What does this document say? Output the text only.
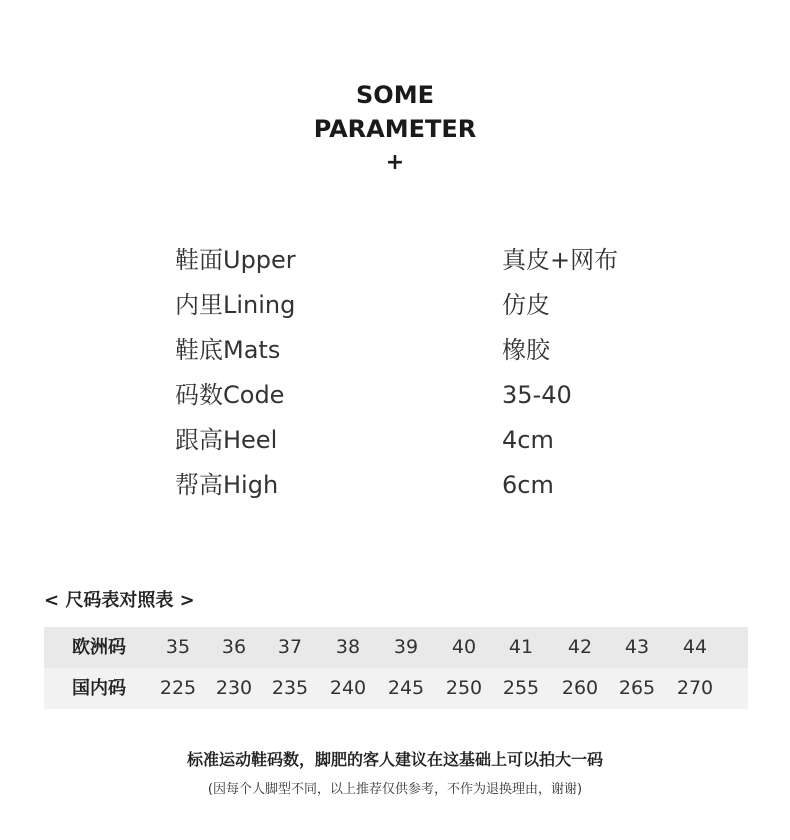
SOME
PARAMETER
+
鞋面Upper	真皮+网布
内里Lining	仿皮
鞋底Mats	橡胶
码数Code	35-40
跟高Heel	4cm
帮高High	6cm
< 尺码表对照表 >
欧洲码	35	36	37	38	39	40	41	42	43	44
国内码	225	230	235	240	245	250	255	260	265	270
标准运动鞋码数，脚肥的客人建议在这基础上可以拍大一码
(因每个人脚型不同，以上推荐仅供参考，不作为退换理由，谢谢)
